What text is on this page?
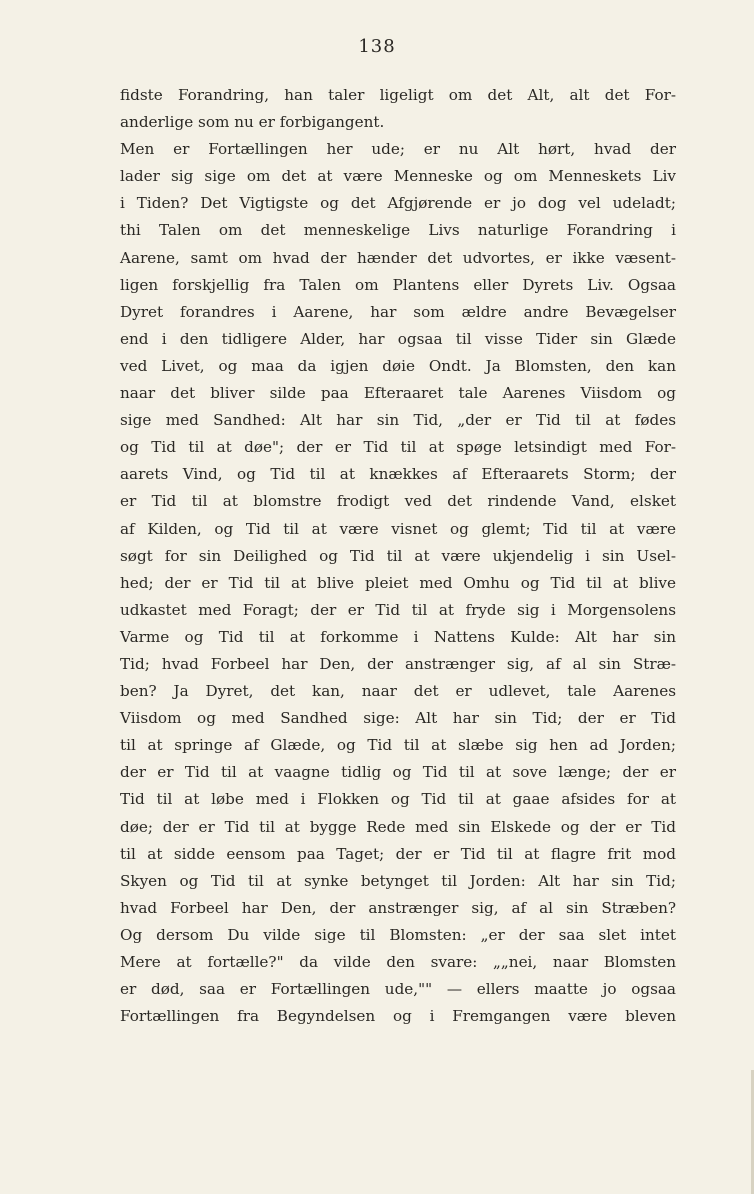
138
fidste Forandring, han taler ligeligt om det Alt, alt det For-
anderlige som nu er forbigangent.
Men er Fortællingen her ude; er nu Alt hørt, hvad der
lader sig sige om det at være Menneske og om Menneskets Liv
i Tiden? Det Vigtigste og det Afgjørende er jo dog vel udeladt;
thi Talen om det menneskelige Livs naturlige Forandring i
Aarene, samt om hvad der hænder det udvortes, er ikke væsent-
ligen forskjellig fra Talen om Plantens eller Dyrets Liv. Ogsaa
Dyret forandres i Aarene, har som ældre andre Bevægelser
end i den tidligere Alder, har ogsaa til visse Tider sin Glæde
ved Livet, og maa da igjen døie Ondt. Ja Blomsten, den kan
naar det bliver silde paa Efteraaret tale Aarenes Viisdom og
sige med Sandhed: Alt har sin Tid, „der er Tid til at fødes
og Tid til at døe"; der er Tid til at spøge letsindigt med For-
aarets Vind, og Tid til at knækkes af Efteraarets Storm; der
er Tid til at blomstre frodigt ved det rindende Vand, elsket
af Kilden, og Tid til at være visnet og glemt; Tid til at være
søgt for sin Deilighed og Tid til at være ukjendelig i sin Usel-
hed; der er Tid til at blive pleiet med Omhu og Tid til at blive
udkastet med Foragt; der er Tid til at frydе sig i Morgensolens
Varme og Tid til at forkomme i Nattens Kulde: Alt har sin
Tid; hvad Forbeel har Den, der anstrænger sig, af al sin Stræ-
ben? Ja Dyret, det kan, naar det er udlevet, tale Aarenes
Viisdom og med Sandhed sige: Alt har sin Tid; der er Tid
til at springe af Glæde, og Tid til at slæbe sig hen ad Jorden;
der er Tid til at vaagne tidlig og Tid til at sove længe; der er
Tid til at løbe med i Flokken og Tid til at gaae afsides for at
døe; der er Tid til at bygge Rede med sin Elskede og der er Tid
til at sidde eensom paa Taget; der er Tid til at flagre frit mod
Skyen og Tid til at synke betynget til Jorden: Alt har sin Tid;
hvad Forbeel har Den, der anstrænger sig, af al sin Stræben?
Og dersom Du vilde sige til Blomsten: „er der saa slet intet
Mere at fortælle?" da vilde den svare: „„nei, naar Blomsten
er død, saa er Fortællingen ude,"" — ellers maatte jo ogsaa
Fortællingen fra Begyndelsen og i Fremgangen være bleven
